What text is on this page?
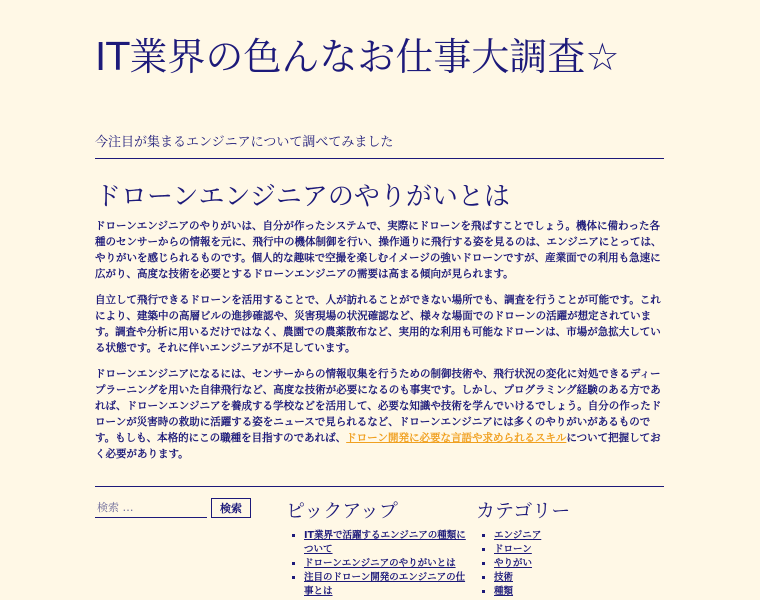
IT業界の色んなお仕事大調査☆

今注目が集まるエンジニアについて調べてみました

ドローンエンジニアのやりがいとは

ドローンエンジニアのやりがいは、自分が作ったシステムで、実際にドローンを飛ばすことでしょう。機体に備わった各種のセンサーからの情報を元に、飛行中の機体制御を行い、操作通りに飛行する姿を見るのは、エンジニアにとっては、やりがいを感じられるものです。個人的な趣味で空撮を楽しむイメージの強いドローンですが、産業面での利用も急速に広がり、高度な技術を必要とするドローンエンジニアの需要は高まる傾向が見られます。

自立して飛行できるドローンを活用することで、人が訪れることができない場所でも、調査を行うことが可能です。これにより、建築中の高層ビルの進捗確認や、災害現場の状況確認など、様々な場面でのドローンの活躍が想定されています。調査や分析に用いるだけではなく、農園での農薬散布など、実用的な利用も可能なドローンは、市場が急拡大している状態です。それに伴いエンジニアが不足しています。

ドローンエンジニアになるには、センサーからの情報収集を行うための制御技術や、飛行状況の変化に対処できるディープラーニングを用いた自律飛行など、高度な技術が必要になるのも事実です。しかし、プログラミング経験のある方であれば、ドローンエンジニアを養成する学校などを活用して、必要な知識や技術を学んでいけるでしょう。自分の作ったドローンが災害時の救助に活躍する姿をニュースで見られるなど、ドローンエンジニアには多くのやりがいがあるものです。もしも、本格的にこの職種を目指すのであれば、ドローン開発に必要な言語や求められるスキルについて把握しておく必要があります。

検索 …
検索	ピックアップ
▪ IT業界で活躍するエンジニアの種類について
▪ ドローンエンジニアのやりがいとは
▪ 注目のドローン開発のエンジニアの仕事とは
カテゴリー
▪ エンジニア
▪ ドローン
▪ やりがい
▪ 技術
▪ 種類
